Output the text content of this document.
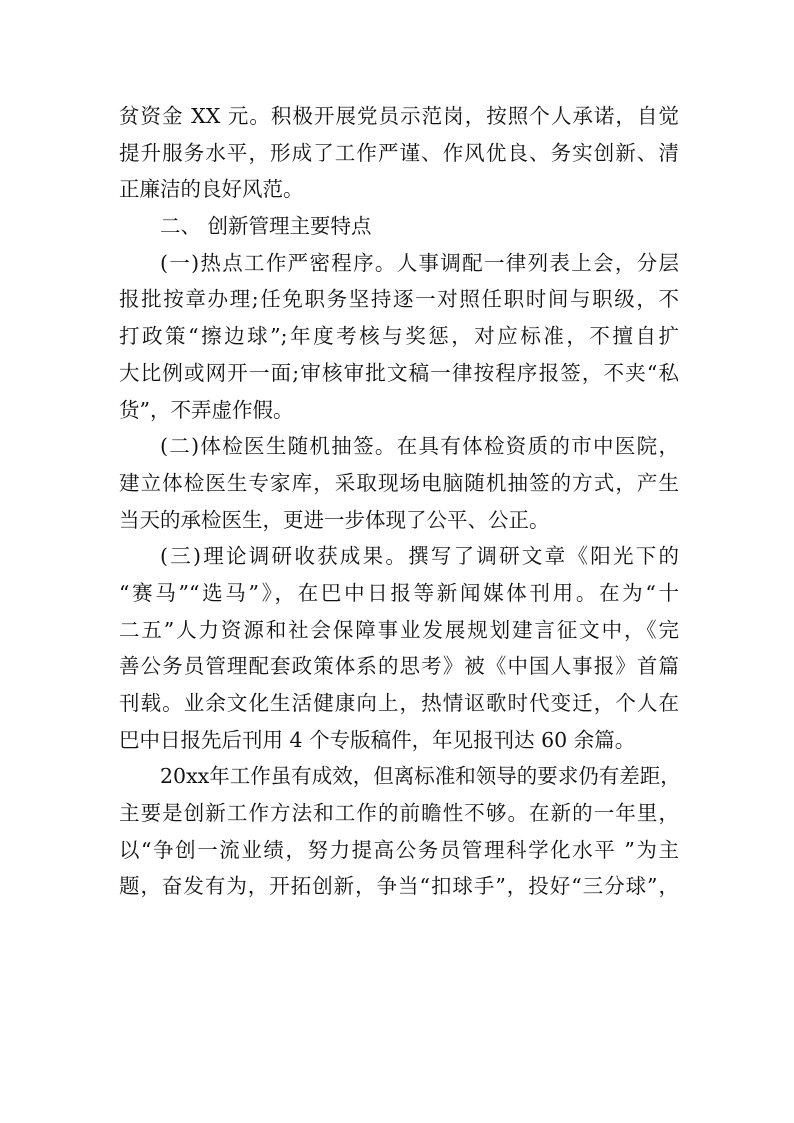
贫资金 XX 元。积极开展党员示范岗，按照个人承诺，自觉
提升服务水平，形成了工作严谨、作风优良、务实创新、清
正廉洁的良好风范。
二、 创新管理主要特点
(一)热点工作严密程序。人事调配一律列表上会，分层
报批按章办理;任免职务坚持逐一对照任职时间与职级，不
打政策“擦边球”;年度考核与奖惩，对应标准，不擅自扩
大比例或网开一面;审核审批文稿一律按程序报签，不夹“私
货”，不弄虚作假。
(二)体检医生随机抽签。在具有体检资质的市中医院，
建立体检医生专家库，采取现场电脑随机抽签的方式，产生
当天的承检医生，更进一步体现了公平、公正。
(三)理论调研收获成果。撰写了调研文章《阳光下的
“赛马”“选马”》，在巴中日报等新闻媒体刊用。在为“十
二五”人力资源和社会保障事业发展规划建言征文中，《完
善公务员管理配套政策体系的思考》被《中国人事报》首篇
刊载。业余文化生活健康向上，热情讴歌时代变迁，个人在
巴中日报先后刊用 4 个专版稿件，年见报刊达 60 余篇。
20xx年工作虽有成效，但离标准和领导的要求仍有差距，
主要是创新工作方法和工作的前瞻性不够。在新的一年里，
以“争创一流业绩，努力提高公务员管理科学化水平 ”为主
题，奋发有为，开拓创新，争当“扣球手”，投好“三分球”，
